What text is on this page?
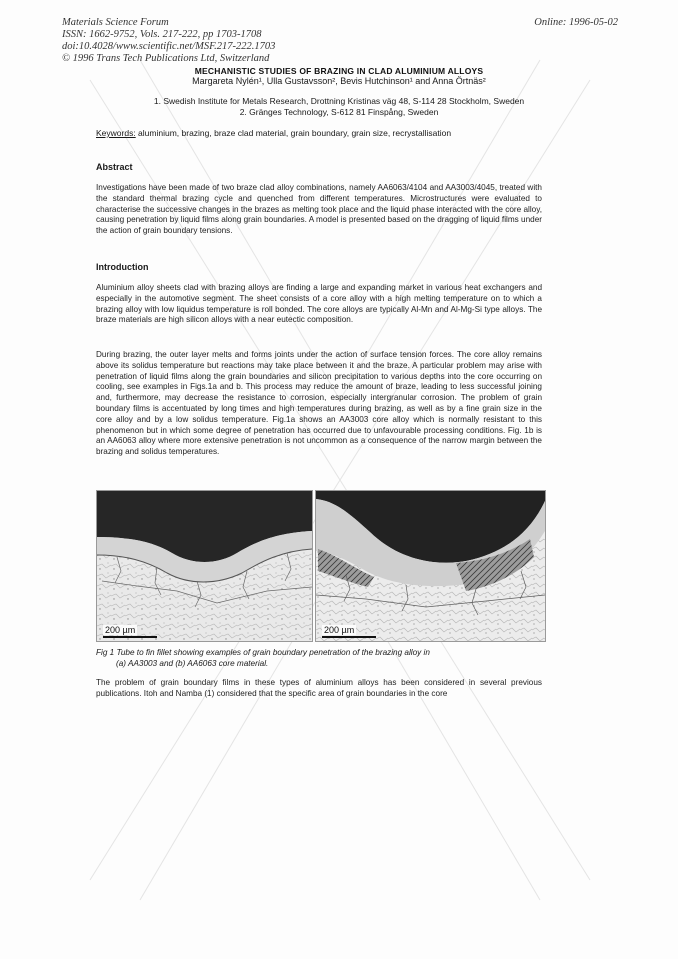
Materials Science Forum
ISSN: 1662-9752, Vols. 217-222, pp 1703-1708
doi:10.4028/www.scientific.net/MSF.217-222.1703
© 1996 Trans Tech Publications Ltd, Switzerland
Online: 1996-05-02
MECHANISTIC STUDIES OF BRAZING IN CLAD ALUMINIUM ALLOYS
Margareta Nylén¹, Ulla Gustavsson², Bevis Hutchinson¹ and Anna Örtnäs²
1. Swedish Institute for Metals Research, Drottning Kristinas väg 48, S-114 28 Stockholm, Sweden
2. Gränges Technology, S-612 81 Finspång, Sweden
Keywords: aluminium, brazing, braze clad material, grain boundary, grain size, recrystallisation
Abstract
Investigations have been made of two braze clad alloy combinations, namely AA6063/4104 and AA3003/4045, treated with the standard thermal brazing cycle and quenched from different temperatures. Microstructures were evaluated to characterise the successive changes in the brazes as melting took place and the liquid phase interacted with the core alloy, causing penetration by liquid films along grain boundaries. A model is presented based on the dragging of liquid films under the action of grain boundary tensions.
Introduction
Aluminium alloy sheets clad with brazing alloys are finding a large and expanding market in various heat exchangers and especially in the automotive segment. The sheet consists of a core alloy with a high melting temperature on to which a brazing alloy with low liquidus temperature is roll bonded. The core alloys are typically Al-Mn and Al-Mg-Si type alloys. The braze materials are high silicon alloys with a near eutectic composition.
During brazing, the outer layer melts and forms joints under the action of surface tension forces. The core alloy remains above its solidus temperature but reactions may take place between it and the braze. A particular problem may arise with penetration of liquid films along the grain boundaries and silicon precipitation to various depths into the core occurring on cooling, see examples in Figs.1a and b. This process may reduce the amount of braze, leading to less successful joining and, furthermore, may decrease the resistance to corrosion, especially intergranular corrosion. The problem of grain boundary films is accentuated by long times and high temperatures during brazing, as well as by a fine grain size in the core alloy and by a low solidus temperature. Fig.1a shows an AA3003 core alloy which is normally resistant to this phenomenon but in which some degree of penetration has occurred due to unfavourable processing conditions. Fig. 1b is an AA6063 alloy where more extensive penetration is not uncommon as a consequence of the narrow margin between the brazing and solidus temperatures.
200 µm	200 µm
Fig 1 Tube to fin fillet showing examples of grain boundary penetration of the brazing alloy in
(a) AA3003 and (b) AA6063 core material.
The problem of grain boundary films in these types of aluminium alloys has been considered in several previous publications. Itoh and Namba (1) considered that the specific area of grain boundaries in the core
